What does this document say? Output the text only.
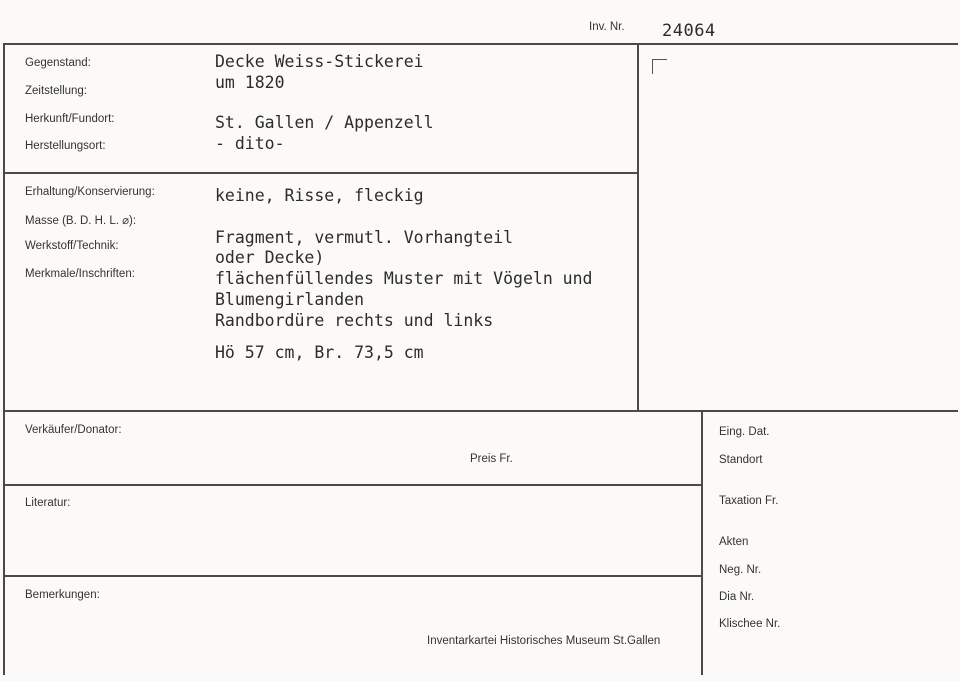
Inv. Nr. 24064
Gegenstand:
Zeitstellung:
Herkunft/Fundort:
Herstellungsort:
Decke Weiss-Stickerei
um 1820
St. Gallen / Appenzell
- dito-
Erhaltung/Konservierung:
Masse (B. D. H. L. ⌀):
Werkstoff/Technik:
Merkmale/Inschriften:
keine, Risse, fleckig
Fragment, vermutl. Vorhangteil
oder Decke)
flächenfüllendes Muster mit Vögeln und
Blumengirlanden
Randbordüre rechts und links
Hö 57 cm, Br. 73,5 cm
Verkäufer/Donator:
Preis Fr.
Literatur:
Bemerkungen:
Inventarkartei Historisches Museum St.Gallen
Eing. Dat.
Standort
Taxation Fr.
Akten
Neg. Nr.
Dia Nr.
Klischee Nr.
